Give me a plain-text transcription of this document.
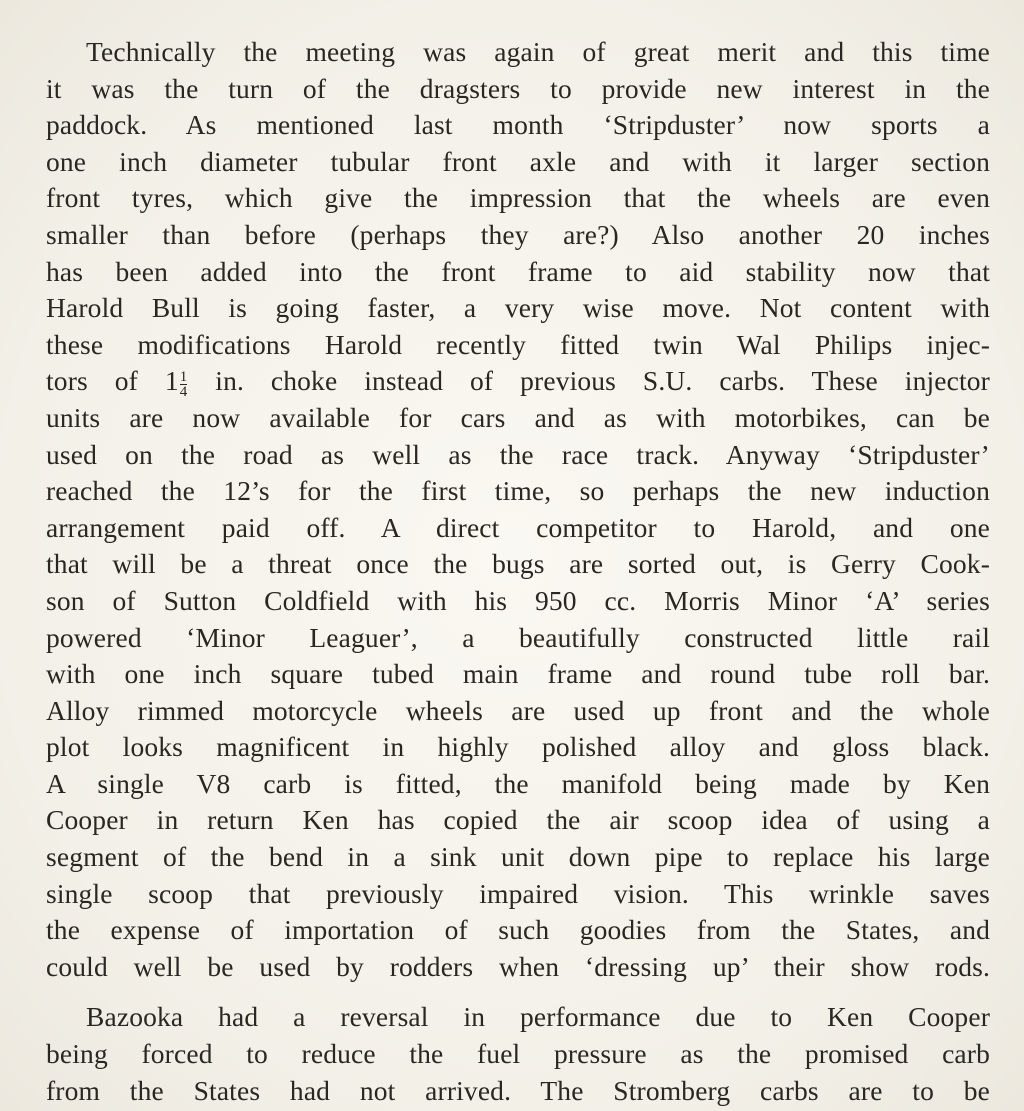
Technically the meeting was again of great merit and this time
it was the turn of the dragsters to provide new interest in the
paddock. As mentioned last month ‘Stripduster’ now sports a
one inch diameter tubular front axle and with it larger section
front tyres, which give the impression that the wheels are even
smaller than before (perhaps they are?) Also another 20 inches
has been added into the front frame to aid stability now that
Harold Bull is going faster, a very wise move. Not content with
these modifications Harold recently fitted twin Wal Philips injec-
tors of $1 \frac{1}{4}$ in. choke instead of previous S.U. carbs. These injector
units are now available for cars and as with motorbikes, can be
used on the road as well as the race track. Anyway ‘Stripduster’
reached the 12’s for the first time, so perhaps the new induction
arrangement paid off. A direct competitor to Harold, and one
that will be a threat once the bugs are sorted out, is Gerry Cook-
son of Sutton Coldfield with his 950 cc. Morris Minor ‘A’ series
powered ‘Minor Leaguer’, a beautifully constructed little rail
with one inch square tubed main frame and round tube roll bar.
Alloy rimmed motorcycle wheels are used up front and the whole
plot looks magnificent in highly polished alloy and gloss black.
A single V8 carb is fitted, the manifold being made by Ken
Cooper in return Ken has copied the air scoop idea of using a
segment of the bend in a sink unit down pipe to replace his large
single scoop that previously impaired vision. This wrinkle saves
the expense of importation of such goodies from the States, and
could well be used by rodders when ‘dressing up’ their show rods.
Bazooka had a reversal in performance due to Ken Cooper
being forced to reduce the fuel pressure as the promised carb
from the States had not arrived. The Stromberg carbs are to be
